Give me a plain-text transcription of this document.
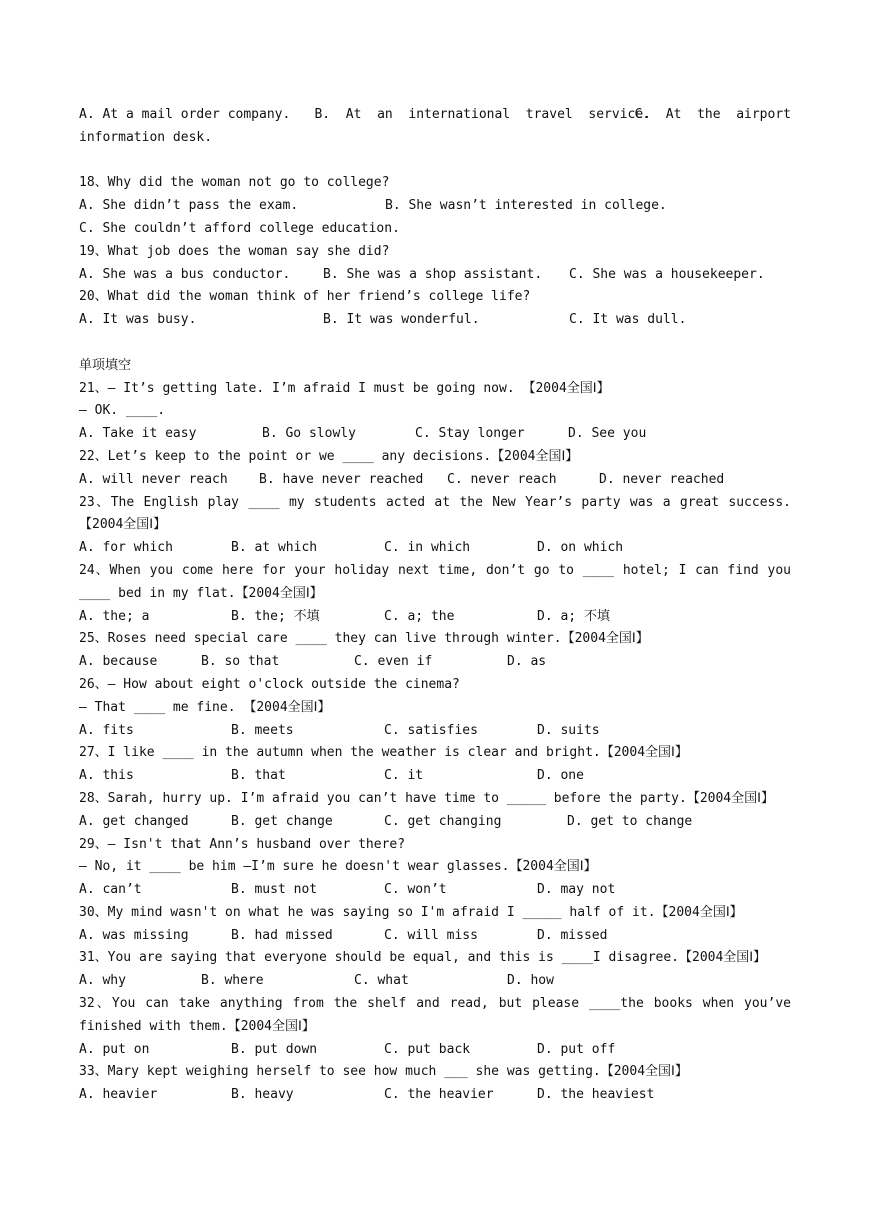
A. At a mail order company.	B.  At  an  international  travel  service.
C.  At  the  airport
information desk.
18、Why did the woman not go to college?
A. She didn’t pass the exam.	B. She wasn’t interested in college.
C. She couldn’t afford college education.
19、What job does the woman say she did?
A. She was a bus conductor.	B. She was a shop assistant.	C. She was a housekeeper.
20、What did the woman think of her friend’s college life?
A. It was busy.	B. It was wonderful.	C. It was dull.
单项填空
21、— It’s getting late. I’m afraid I must be going now. 【2004全国Ⅰ】
— OK. ____.
A. Take it easy	B. Go slowly	C. Stay longer	D. See you
22、Let’s keep to the point or we ____ any decisions.【2004全国Ⅰ】
A. will never reach	B. have never reached	C. never reach	D. never reached
23、The English play ____ my students acted at the New Year’s party was a great success.【2004全国Ⅰ】
A. for which	B. at which	C. in which	D. on which
24、When you come here for your holiday next time, don’t go to ____ hotel; I can find you ____ bed in my flat.【2004全国Ⅰ】
A. the; a	B. the; 不填	C. a; the	D. a; 不填
25、Roses need special care ____ they can live through winter.【2004全国Ⅰ】
A. because	B. so that	C. even if	D. as
26、— How about eight o'clock outside the cinema?
— That ____ me fine. 【2004全国Ⅰ】
A. fits	B. meets	C. satisfies	D. suits
27、I like ____ in the autumn when the weather is clear and bright.【2004全国Ⅰ】
A. this	B. that	C. it	D. one
28、Sarah, hurry up. I’m afraid you can’t have time to _____ before the party.【2004全国Ⅰ】
A. get changed	B. get change	C. get changing	D. get to change
29、— Isn't that Ann’s husband over there?
— No, it ____ be him —I’m sure he doesn't wear glasses.【2004全国Ⅰ】
A. can’t	B. must not	C. won’t	D. may not
30、My mind wasn't on what he was saying so I'm afraid I _____ half of it.【2004全国Ⅰ】
A. was missing	B. had missed	C. will miss	D. missed
31、You are saying that everyone should be equal, and this is ____I disagree.【2004全国Ⅰ】
A. why	B. where	C. what	D. how
32、You can take anything from the shelf and read, but please ____the books when you’ve finished with them.【2004全国Ⅰ】
A. put on	B. put down	C. put back	D. put off
33、Mary kept weighing herself to see how much ___ she was getting.【2004全国Ⅰ】
A. heavier	B. heavy	C. the heavier	D. the heaviest
